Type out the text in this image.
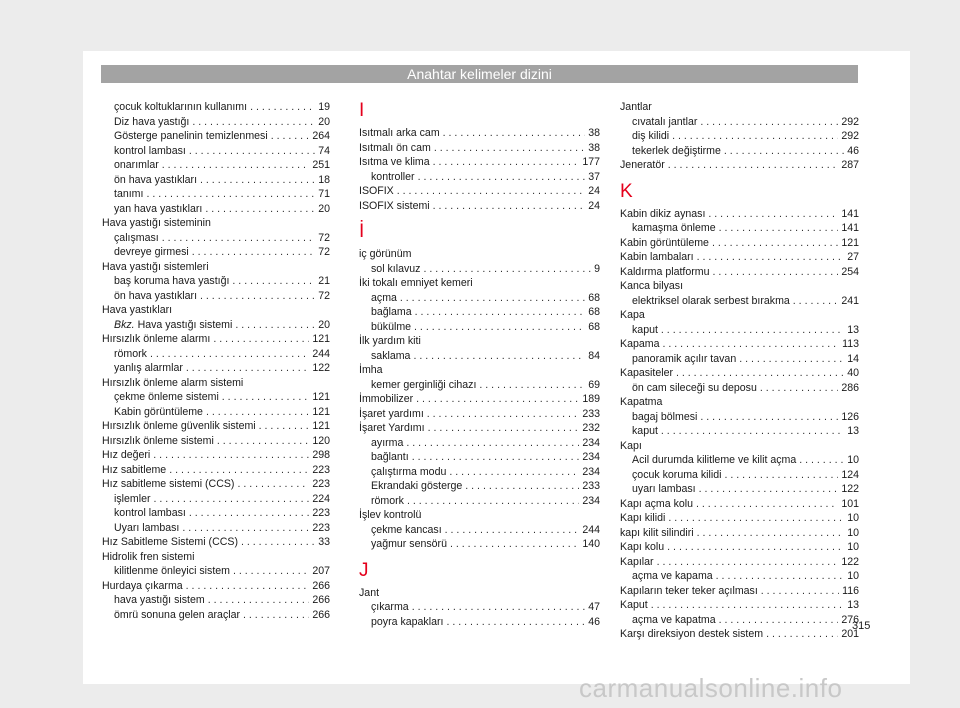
Anahtar kelimeler dizini
çocuk koltuklarının kullanımı . . .	19
Diz hava yastığı . . .	20
Gösterge panelinin temizlenmesi . . .	264
kontrol lambası . . .	74
onarımlar . . .	251
ön hava yastıkları . . .	18
tanımı . . .	71
yan hava yastıkları . . .	20
Hava yastığı sisteminin
çalışması . . .	72
devreye girmesi . . .	72
Hava yastığı sistemleri
baş koruma hava yastığı . . .	21
ön hava yastıkları . . .	72
Hava yastıkları
Bkz. Hava yastığı sistemi . . .	20
Hırsızlık önleme alarmı . . .	121
römork . . .	244
yanlış alarmlar . . .	122
Hırsızlık önleme alarm sistemi
çekme önleme sistemi . . .	121
Kabin görüntüleme . . .	121
Hırsızlık önleme güvenlik sistemi . . .	121
Hırsızlık önleme sistemi . . .	120
Hız değeri . . .	298
Hız sabitleme . . .	223
Hız sabitleme sistemi (CCS) . . .	223
işlemler . . .	224
kontrol lambası . . .	223
Uyarı lambası . . .	223
Hız Sabitleme Sistemi (CCS) . . .	33
Hidrolik fren sistemi
kilitlenme önleyici sistem . . .	207
Hurdaya çıkarma . . .	266
hava yastığı sistem . . .	266
ömrü sonuna gelen araçlar . . .	266
I
Isıtmalı arka cam . . .	38
Isıtmalı ön cam . . .	38
Isıtma ve klima . . .	177
kontroller . . .	37
ISOFIX . . .	24
ISOFIX sistemi . . .	24
İ
iç görünüm
sol kılavuz . . .	9
İki tokalı emniyet kemeri
açma . . .	68
bağlama . . .	68
bükülme . . .	68
İlk yardım kiti
saklama . . .	84
İmha
kemer gerginliği cihazı . . .	69
İmmobilizer . . .	189
İşaret yardımı . . .	233
İşaret Yardımı . . .	232
ayırma . . .	234
bağlantı . . .	234
çalıştırma modu . . .	234
Ekrandaki gösterge . . .	233
römork . . .	234
İşlev kontrolü
çekme kancası . . .	244
yağmur sensörü . . .	140
J
Jant
çıkarma . . .	47
poyra kapakları . . .	46
Jantlar
cıvatalı jantlar . . .	292
diş kilidi . . .	292
tekerlek değiştirme . . .	46
Jeneratör . . .	287
K
Kabin dikiz aynası . . .	141
kamaşma önleme . . .	141
Kabin görüntüleme . . .	121
Kabin lambaları . . .	27
Kaldırma platformu . . .	254
Kanca bilyası
elektriksel olarak serbest bırakma . . .	241
Kapa
kaput . . .	13
Kapama . . .	113
panoramik açılır tavan . . .	14
Kapasiteler . . .	40
ön cam sileceği su deposu . . .	286
Kapatma
bagaj bölmesi . . .	126
kaput . . .	13
Kapı
Acil durumda kilitleme ve kilit açma . . .	10
çocuk koruma kilidi . . .	124
uyarı lambası . . .	122
Kapı açma kolu . . .	101
Kapı kilidi . . .	10
kapı kilit silindiri . . .	10
Kapı kolu . . .	10
Kapılar . . .	122
açma ve kapama . . .	10
Kapıların teker teker açılması . . .	116
Kaput . . .	13
açma ve kapatma . . .	276
Karşı direksiyon destek sistem . . .	201
315
carmanualsonline.info
